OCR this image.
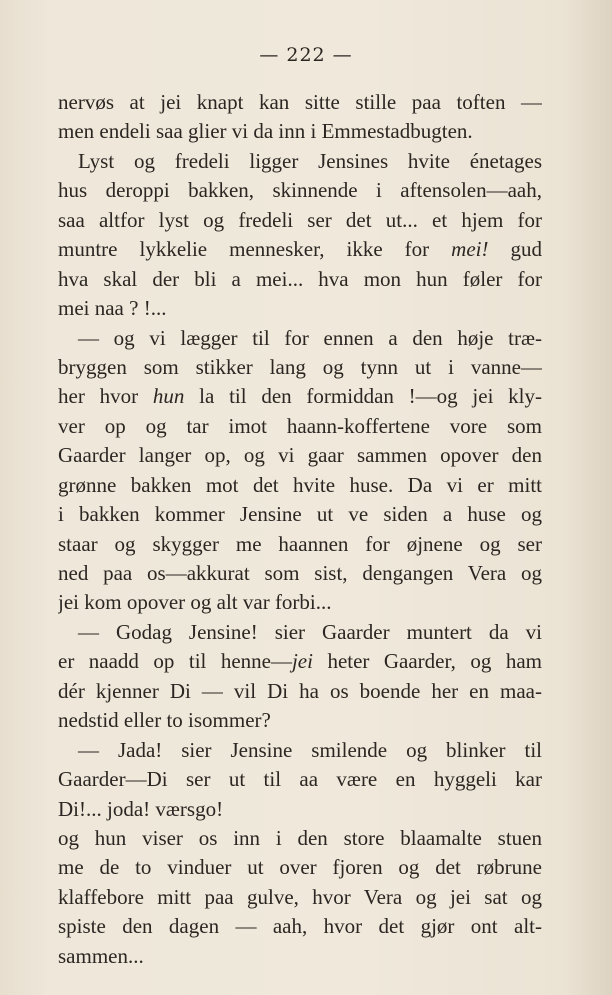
— 222 —
nervøs at jei knapt kan sitte stille paa toften —
men endeli saa glier vi da inn i Emmestadbugten.
Lyst og fredeli ligger Jensines hvite énetages
hus deroppi bakken, skinnende i aftensolen—aah,
saa altfor lyst og fredeli ser det ut... et hjem for
muntre lykkelie mennesker, ikke for mei! gud
hva skal der bli a mei... hva mon hun føler for
mei naa ? !...
— og vi lægger til for ennen a den høje træ-
bryggen som stikker lang og tynn ut i vanne—
her hvor hun la til den formiddan !—og jei kly-
ver op og tar imot haann-koffertene vore som
Gaarder langer op, og vi gaar sammen opover den
grønne bakken mot det hvite huse. Da vi er mitt
i bakken kommer Jensine ut ve siden a huse og
staar og skygger me haannen for øjnene og ser
ned paa os—akkurat som sist, dengangen Vera og
jei kom opover og alt var forbi...
— Godag Jensine! sier Gaarder muntert da vi
er naadd op til henne—jei heter Gaarder, og ham
dér kjenner Di — vil Di ha os boende her en maa-
nedstid eller to isommer?
— Jada! sier Jensine smilende og blinker til
Gaarder—Di ser ut til aa være en hyggeli kar
Di!... joda! værsgo!
og hun viser os inn i den store blaamalte stuen
me de to vinduer ut over fjoren og det røbrune
klaffebore mitt paa gulve, hvor Vera og jei sat og
spiste den dagen — aah, hvor det gjør ont alt-
sammen...
